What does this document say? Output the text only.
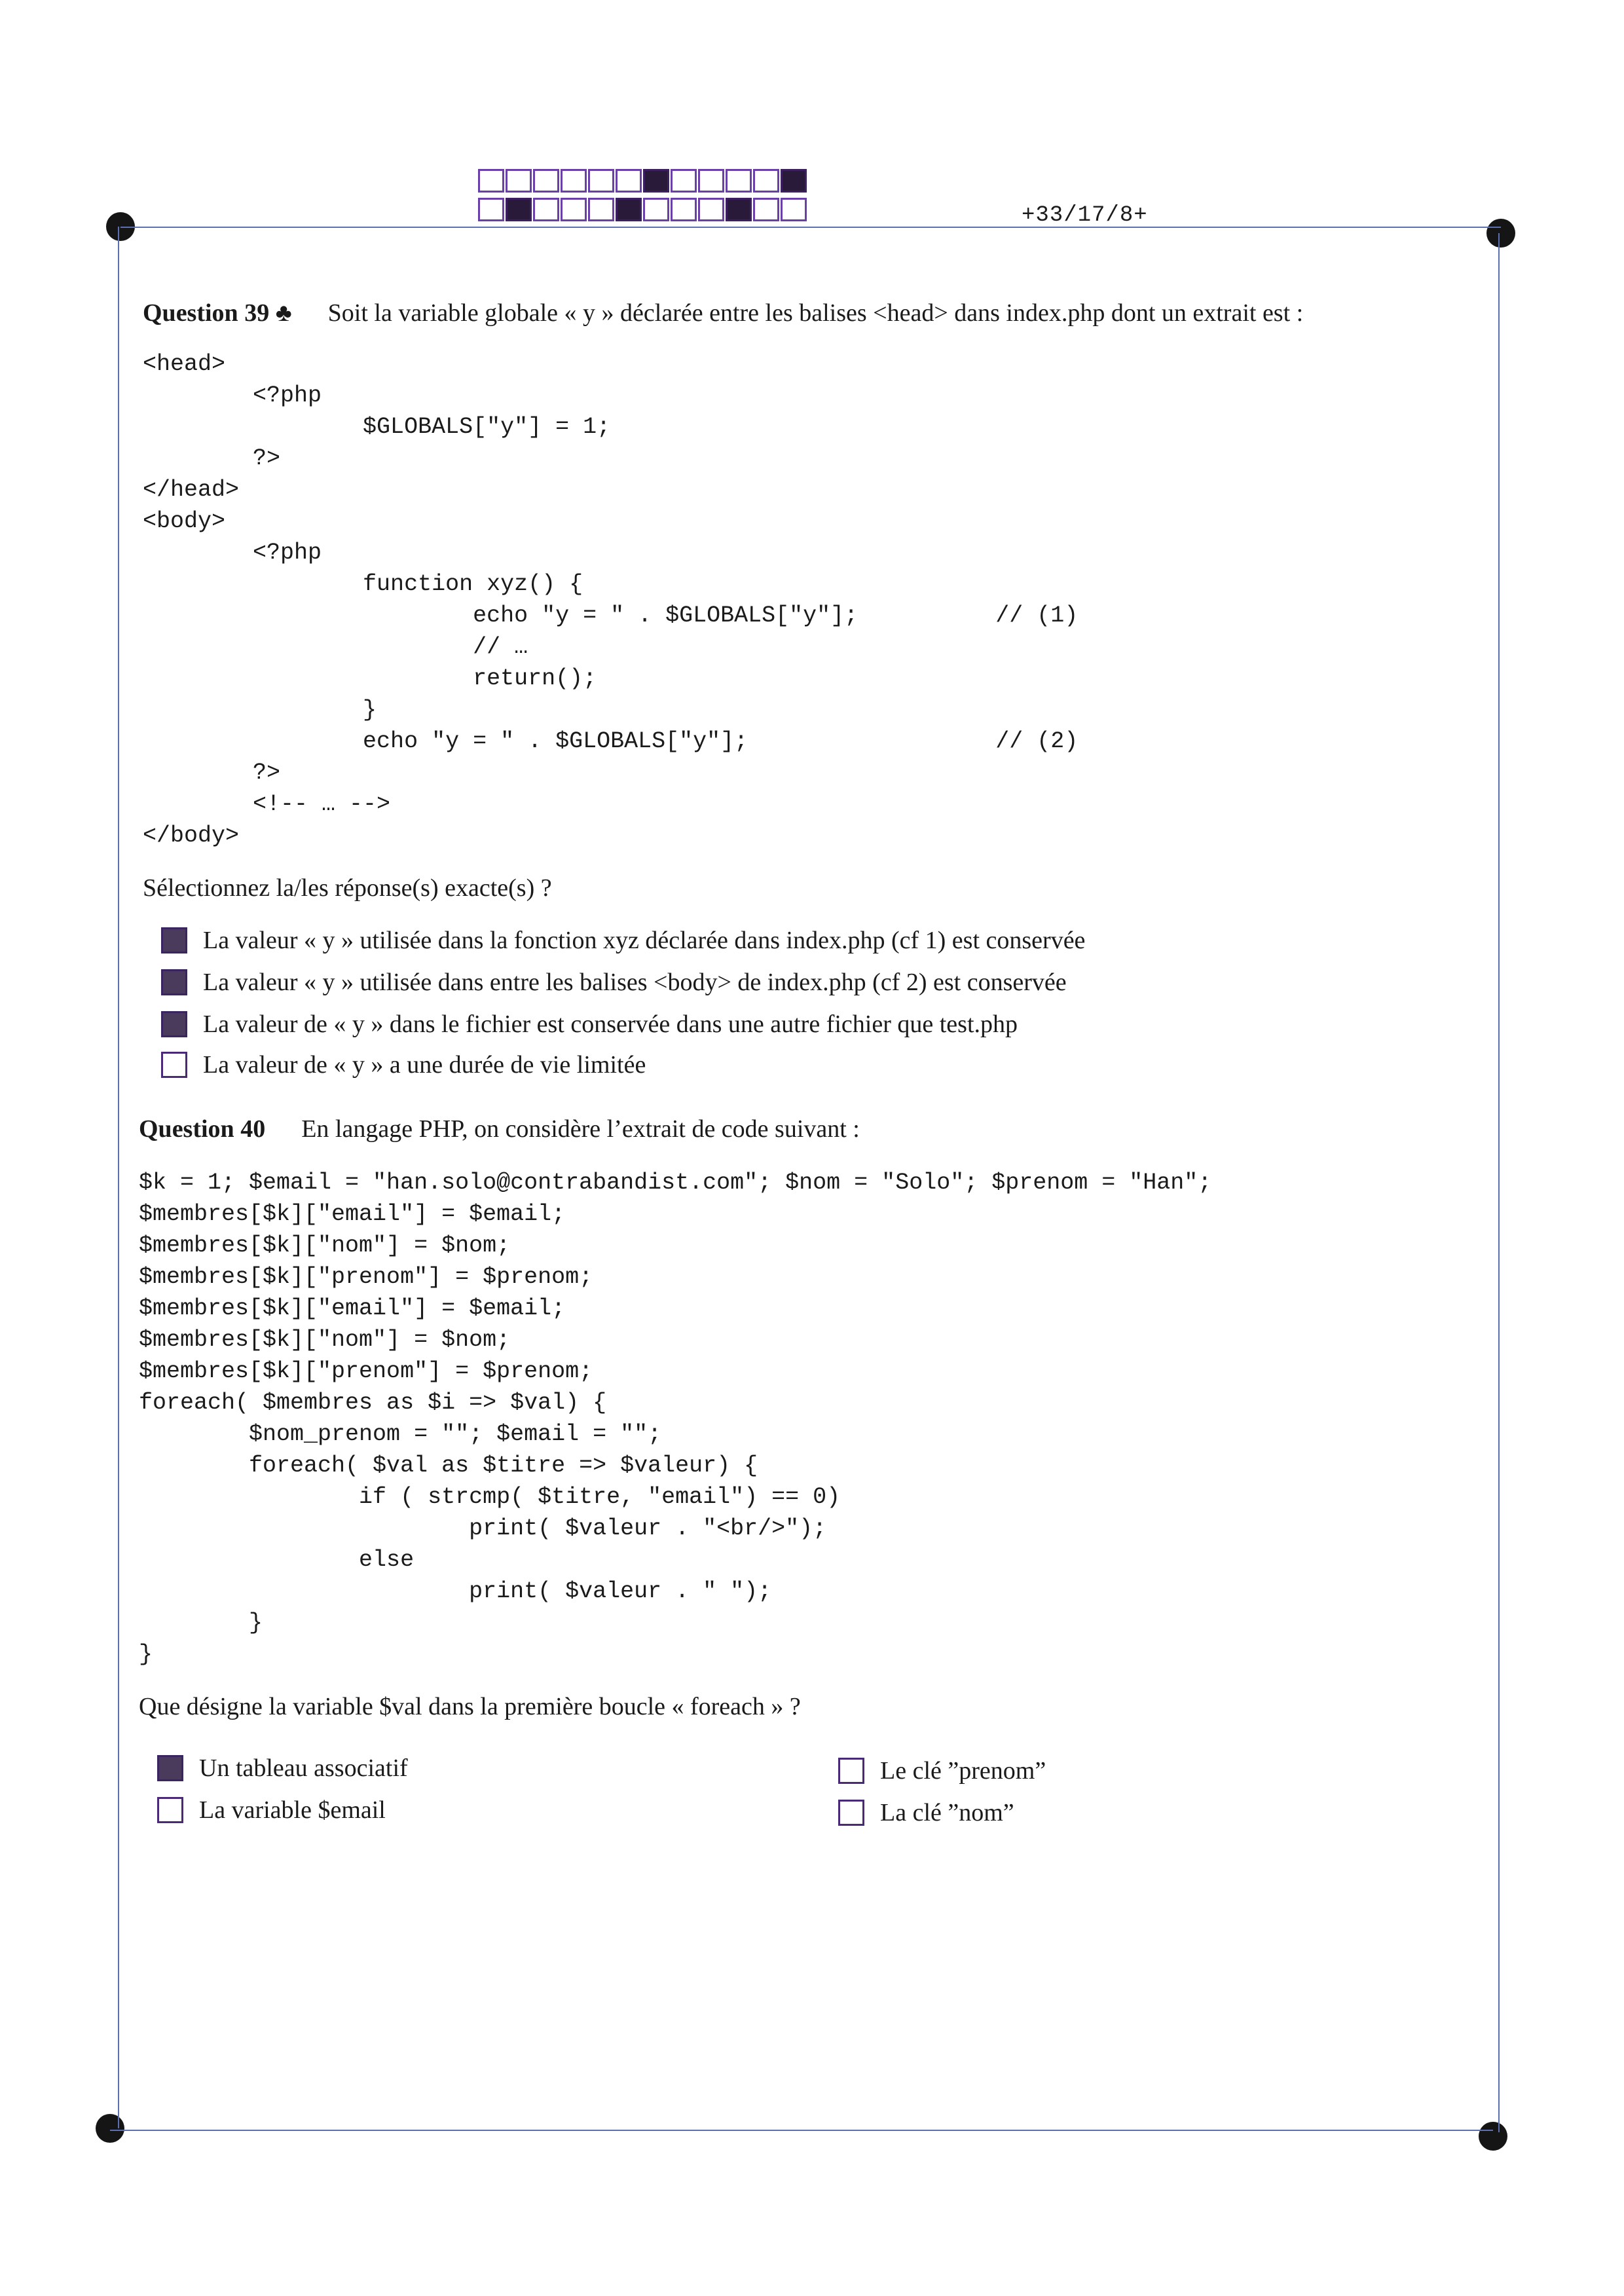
+33/17/8+
Question 39 ♣ Soit la variable globale « y » déclarée entre les balises <head> dans index.php dont un extrait est :
<head>
<?php
$GLOBALS["y"] = 1;
?>
</head>
<body>
<?php
function xyz() {
echo "y = " . $GLOBALS["y"];          // (1)
// …
return();
}
echo "y = " . $GLOBALS["y"];                  // (2)
?>
<!-- … -->
</body>
Sélectionnez la/les réponse(s) exacte(s) ?
La valeur « y » utilisée dans la fonction xyz déclarée dans index.php (cf 1) est conservée
La valeur « y » utilisée dans entre les balises <body> de index.php (cf 2) est conservée
La valeur de « y » dans le fichier est conservée dans une autre fichier que test.php
La valeur de « y » a une durée de vie limitée
Question 40 En langage PHP, on considère l’extrait de code suivant :
$k = 1; $email = "han.solo@contrabandist.com"; $nom = "Solo"; $prenom = "Han";
$membres[$k]["email"] = $email;
$membres[$k]["nom"] = $nom;
$membres[$k]["prenom"] = $prenom;
$membres[$k]["email"] = $email;
$membres[$k]["nom"] = $nom;
$membres[$k]["prenom"] = $prenom;
foreach( $membres as $i => $val) {
$nom_prenom = ""; $email = "";
foreach( $val as $titre => $valeur) {
if ( strcmp( $titre, "email") == 0)
print( $valeur . "<br/>");
else
print( $valeur . " ");
}
}
Que désigne la variable $val dans la première boucle « foreach » ?
Un tableau associatif
La variable $email
Le clé ”prenom”
La clé ”nom”
